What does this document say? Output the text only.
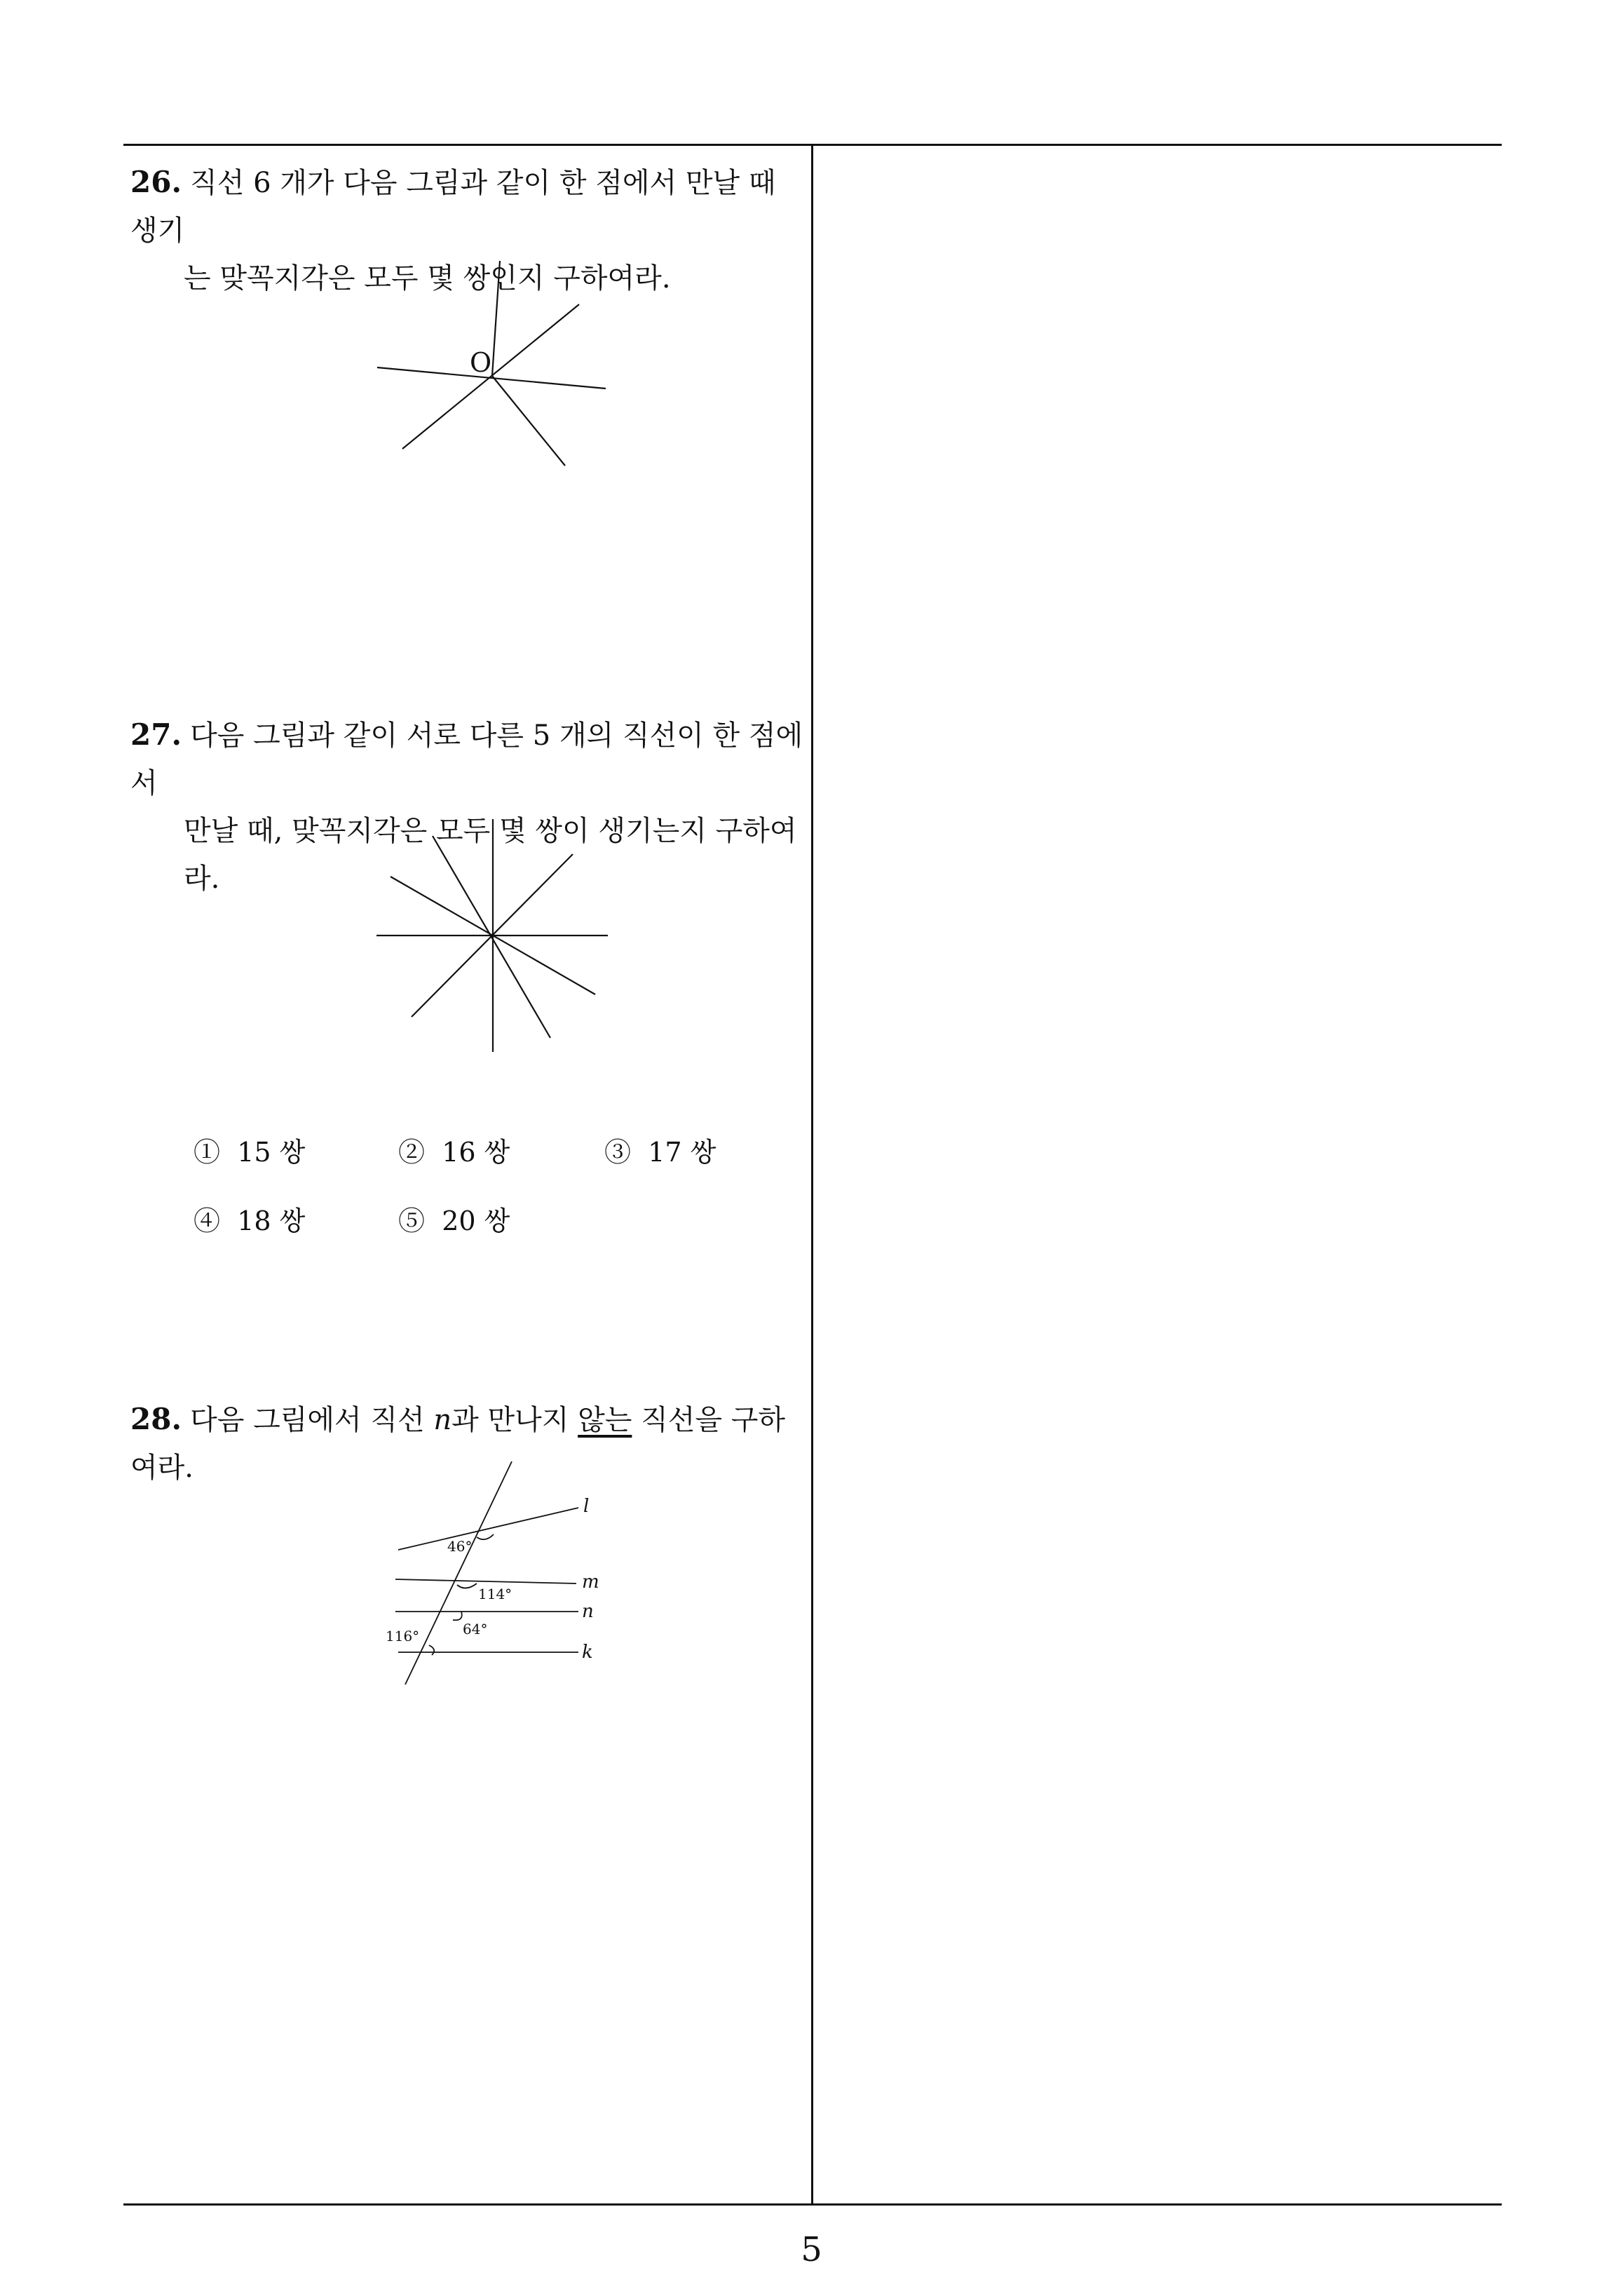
26. 직선 6 개가 다음 그림과 같이 한 점에서 만날 때 생기

는 맞꼭지각은 모두 몇 쌍인지 구하여라.

O

27. 다음 그림과 같이 서로 다른 5 개의 직선이 한 점에서

만날 때, 맞꼭지각은 모두 몇 쌍이 생기는지 구하여라.

① 15 쌍	② 16 쌍	③ 17 쌍
④ 18 쌍	⑤ 20 쌍

28. 다음 그림에서 직선 n과 만나지 않는 직선을 구하여라.

l
m
n
k
46°
114°
64°
116°
5
